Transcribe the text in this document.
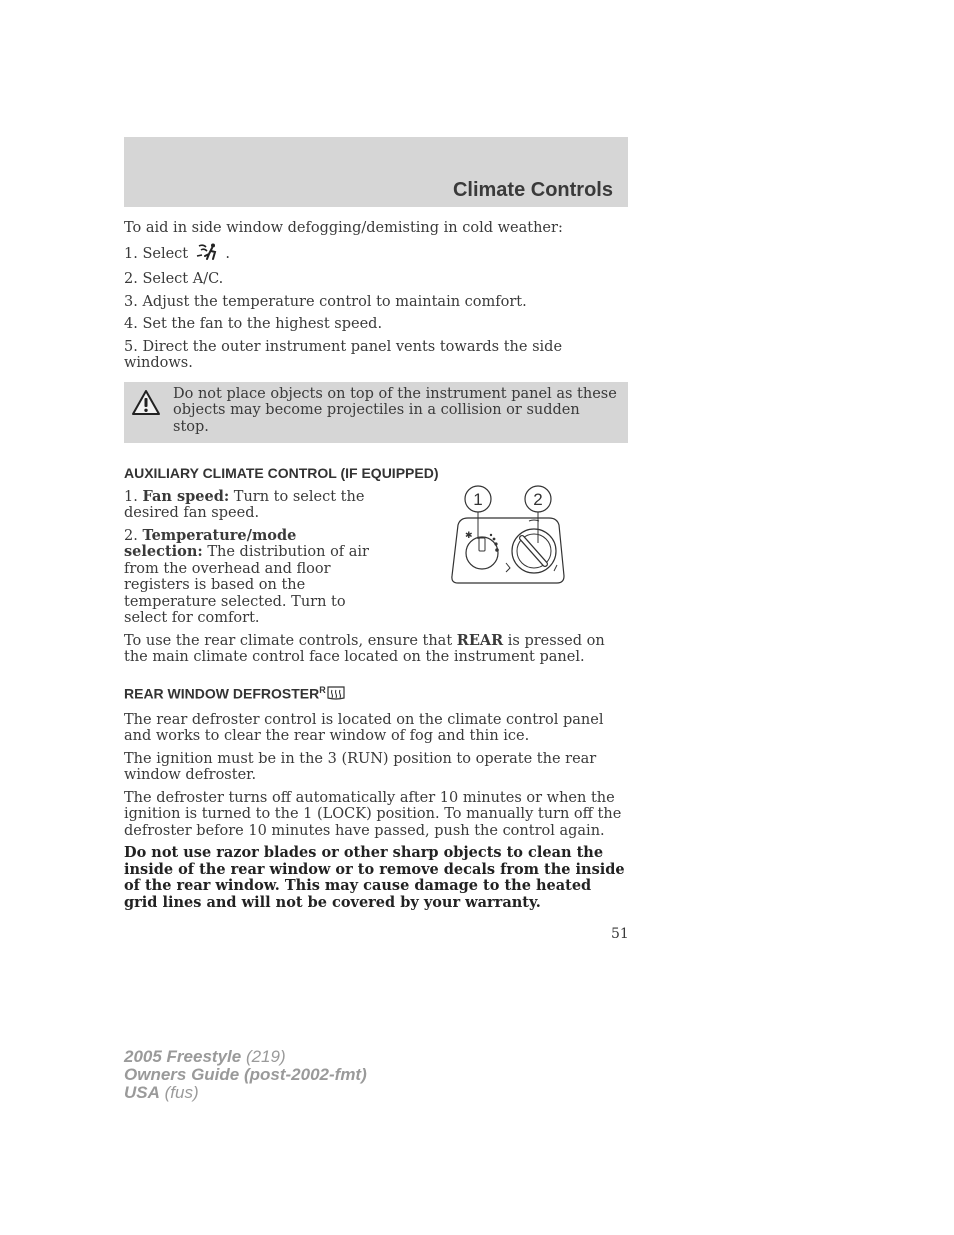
Climate Controls

To aid in side window defogging/demisting in cold weather:

1. Select	.

2. Select A/C.

3. Adjust the temperature control to maintain comfort.

4. Set the fan to the highest speed.

5. Direct the outer instrument panel vents towards the side windows.

Do not place objects on top of the instrument panel as these objects may become projectiles in a collision or sudden stop.
AUXILIARY CLIMATE CONTROL (IF EQUIPPED)

1. Fan speed: Turn to select the desired fan speed.

2. Temperature/mode selection: The distribution of air from the overhead and floor registers is based on the temperature selected. Turn to select for comfort.

1	2
✱

To use the rear climate controls, ensure that REAR is pressed on the main climate control face located on the instrument panel.

REAR WINDOW $DEFROSTER^R$

The rear defroster control is located on the climate control panel and works to clear the rear window of fog and thin ice.

The ignition must be in the 3 (RUN) position to operate the rear window defroster.

The defroster turns off automatically after 10 minutes or when the ignition is turned to the 1 (LOCK) position. To manually turn off the defroster before 10 minutes have passed, push the control again.

Do not use razor blades or other sharp objects to clean the inside of the rear window or to remove decals from the inside of the rear window. This may cause damage to the heated grid lines and will not be covered by your warranty.

51
2005 Freestyle (219)
Owners Guide (post-2002-fmt)
USA (fus)
